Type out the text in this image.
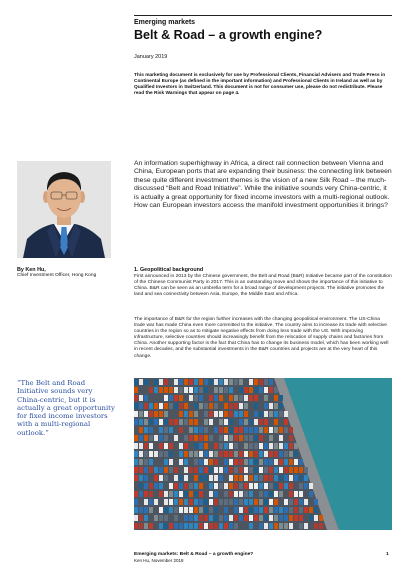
Emerging markets
Belt & Road – a growth engine?
January 2019
This marketing document is exclusively for use by Professional Clients, Financial Advisers and Trade Press in Continental Europe (as defined in the important information) and Professional Clients in Ireland as well as by Qualified Investors in Switzerland. This document is not for consumer use, please do not redistribute. Please read the Risk Warnings that appear on page 4.
An information superhighway in Africa, a direct rail connection between Vienna and China, European ports that are expanding their business: the connecting link between these quite different investment themes is the vision of a new Silk Road – the much-discussed “Belt and Road Initiative”. While the initiative sounds very China-centric, it is actually a great opportunity for fixed income investors with a multi-regional outlook. How can European investors access the manifold investment opportunities it brings?
By Ken Hu,
Chief Investment Officer, Hong Kong
1. Geopolitical background
First announced in 2013 by the Chinese government, the Belt and Road (B&R) Initiative became part of the constitution of the Chinese Communist Party in 2017. This is an outstanding move and shows the importance of this initiative to China. B&R can be seen as an umbrella term for a broad range of development projects. The initiative promotes the land and sea connectivity between Asia, Europe, the Middle East and Africa.
The importance of B&R for the region further increases with the changing geopolitical environment. The US-China trade war has made China even more committed to the initiative. The country aims to increase its trade with selective countries in the region so as to mitigate negative effects from doing less trade with the US. With improving infrastructure, selective countries should increasingly benefit from the relocation of supply chains and factories from China. Another supporting factor is the fact that China has to change its business model, which has been working well in recent decades, and the substantial investments in the B&R countries and projects are at the very heart of this change.
“The Belt and Road Initiative sounds very China-centric, but it is actually a great opportunity for fixed income investors with a multi-regional outlook.”
Emerging markets: Belt & Road – a growth engine?
Ken Hu, November 2018
1
